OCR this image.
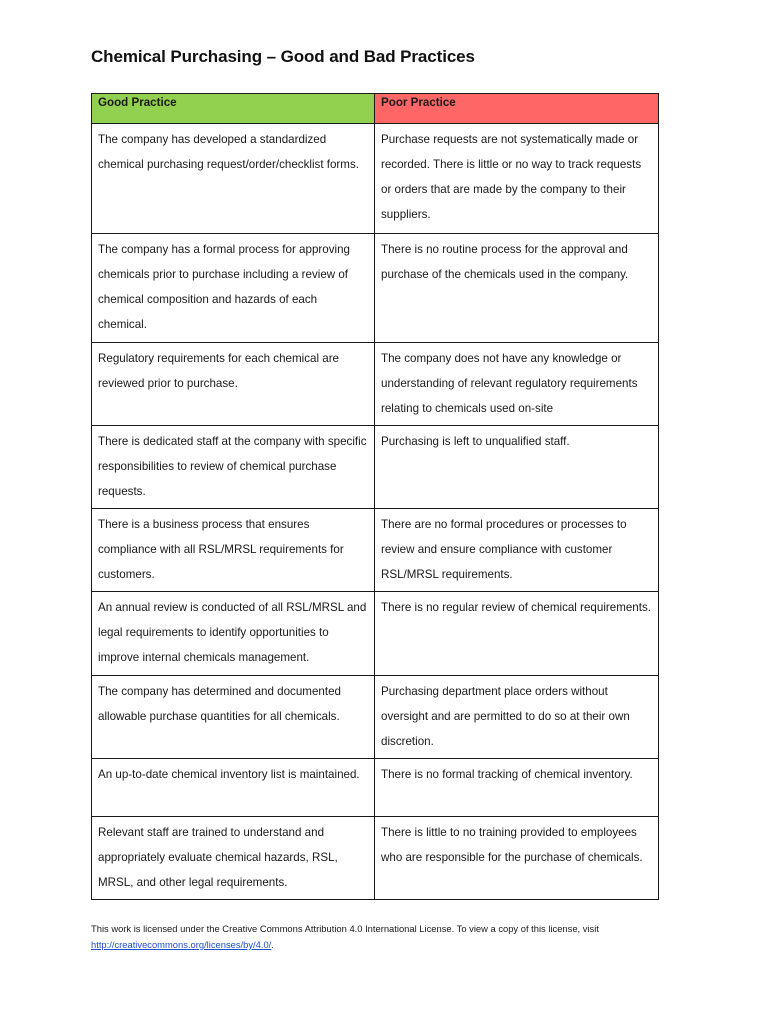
Chemical Purchasing – Good and Bad Practices
Good Practice	Poor Practice
The company has developed a standardized chemical purchasing request/order/checklist forms.	Purchase requests are not systematically made or recorded. There is little or no way to track requests or orders that are made by the company to their suppliers.
The company has a formal process for approving chemicals prior to purchase including a review of chemical composition and hazards of each chemical.	There is no routine process for the approval and purchase of the chemicals used in the company.
Regulatory requirements for each chemical are reviewed prior to purchase.	The company does not have any knowledge or understanding of relevant regulatory requirements relating to chemicals used on-site
There is dedicated staff at the company with specific responsibilities to review of chemical purchase requests.	Purchasing is left to unqualified staff.
There is a business process that ensures compliance with all RSL/MRSL requirements for customers.	There are no formal procedures or processes to review and ensure compliance with customer RSL/MRSL requirements.
An annual review is conducted of all RSL/MRSL and legal requirements to identify opportunities to improve internal chemicals management.	There is no regular review of chemical requirements.
The company has determined and documented allowable purchase quantities for all chemicals.	Purchasing department place orders without oversight and are permitted to do so at their own discretion.
An up-to-date chemical inventory list is maintained.	There is no formal tracking of chemical inventory.
Relevant staff are trained to understand and appropriately evaluate chemical hazards, RSL, MRSL, and other legal requirements.	There is little to no training provided to employees who are responsible for the purchase of chemicals.
This work is licensed under the Creative Commons Attribution 4.0 International License. To view a copy of this license, visit
http://creativecommons.org/licenses/by/4.0/.
